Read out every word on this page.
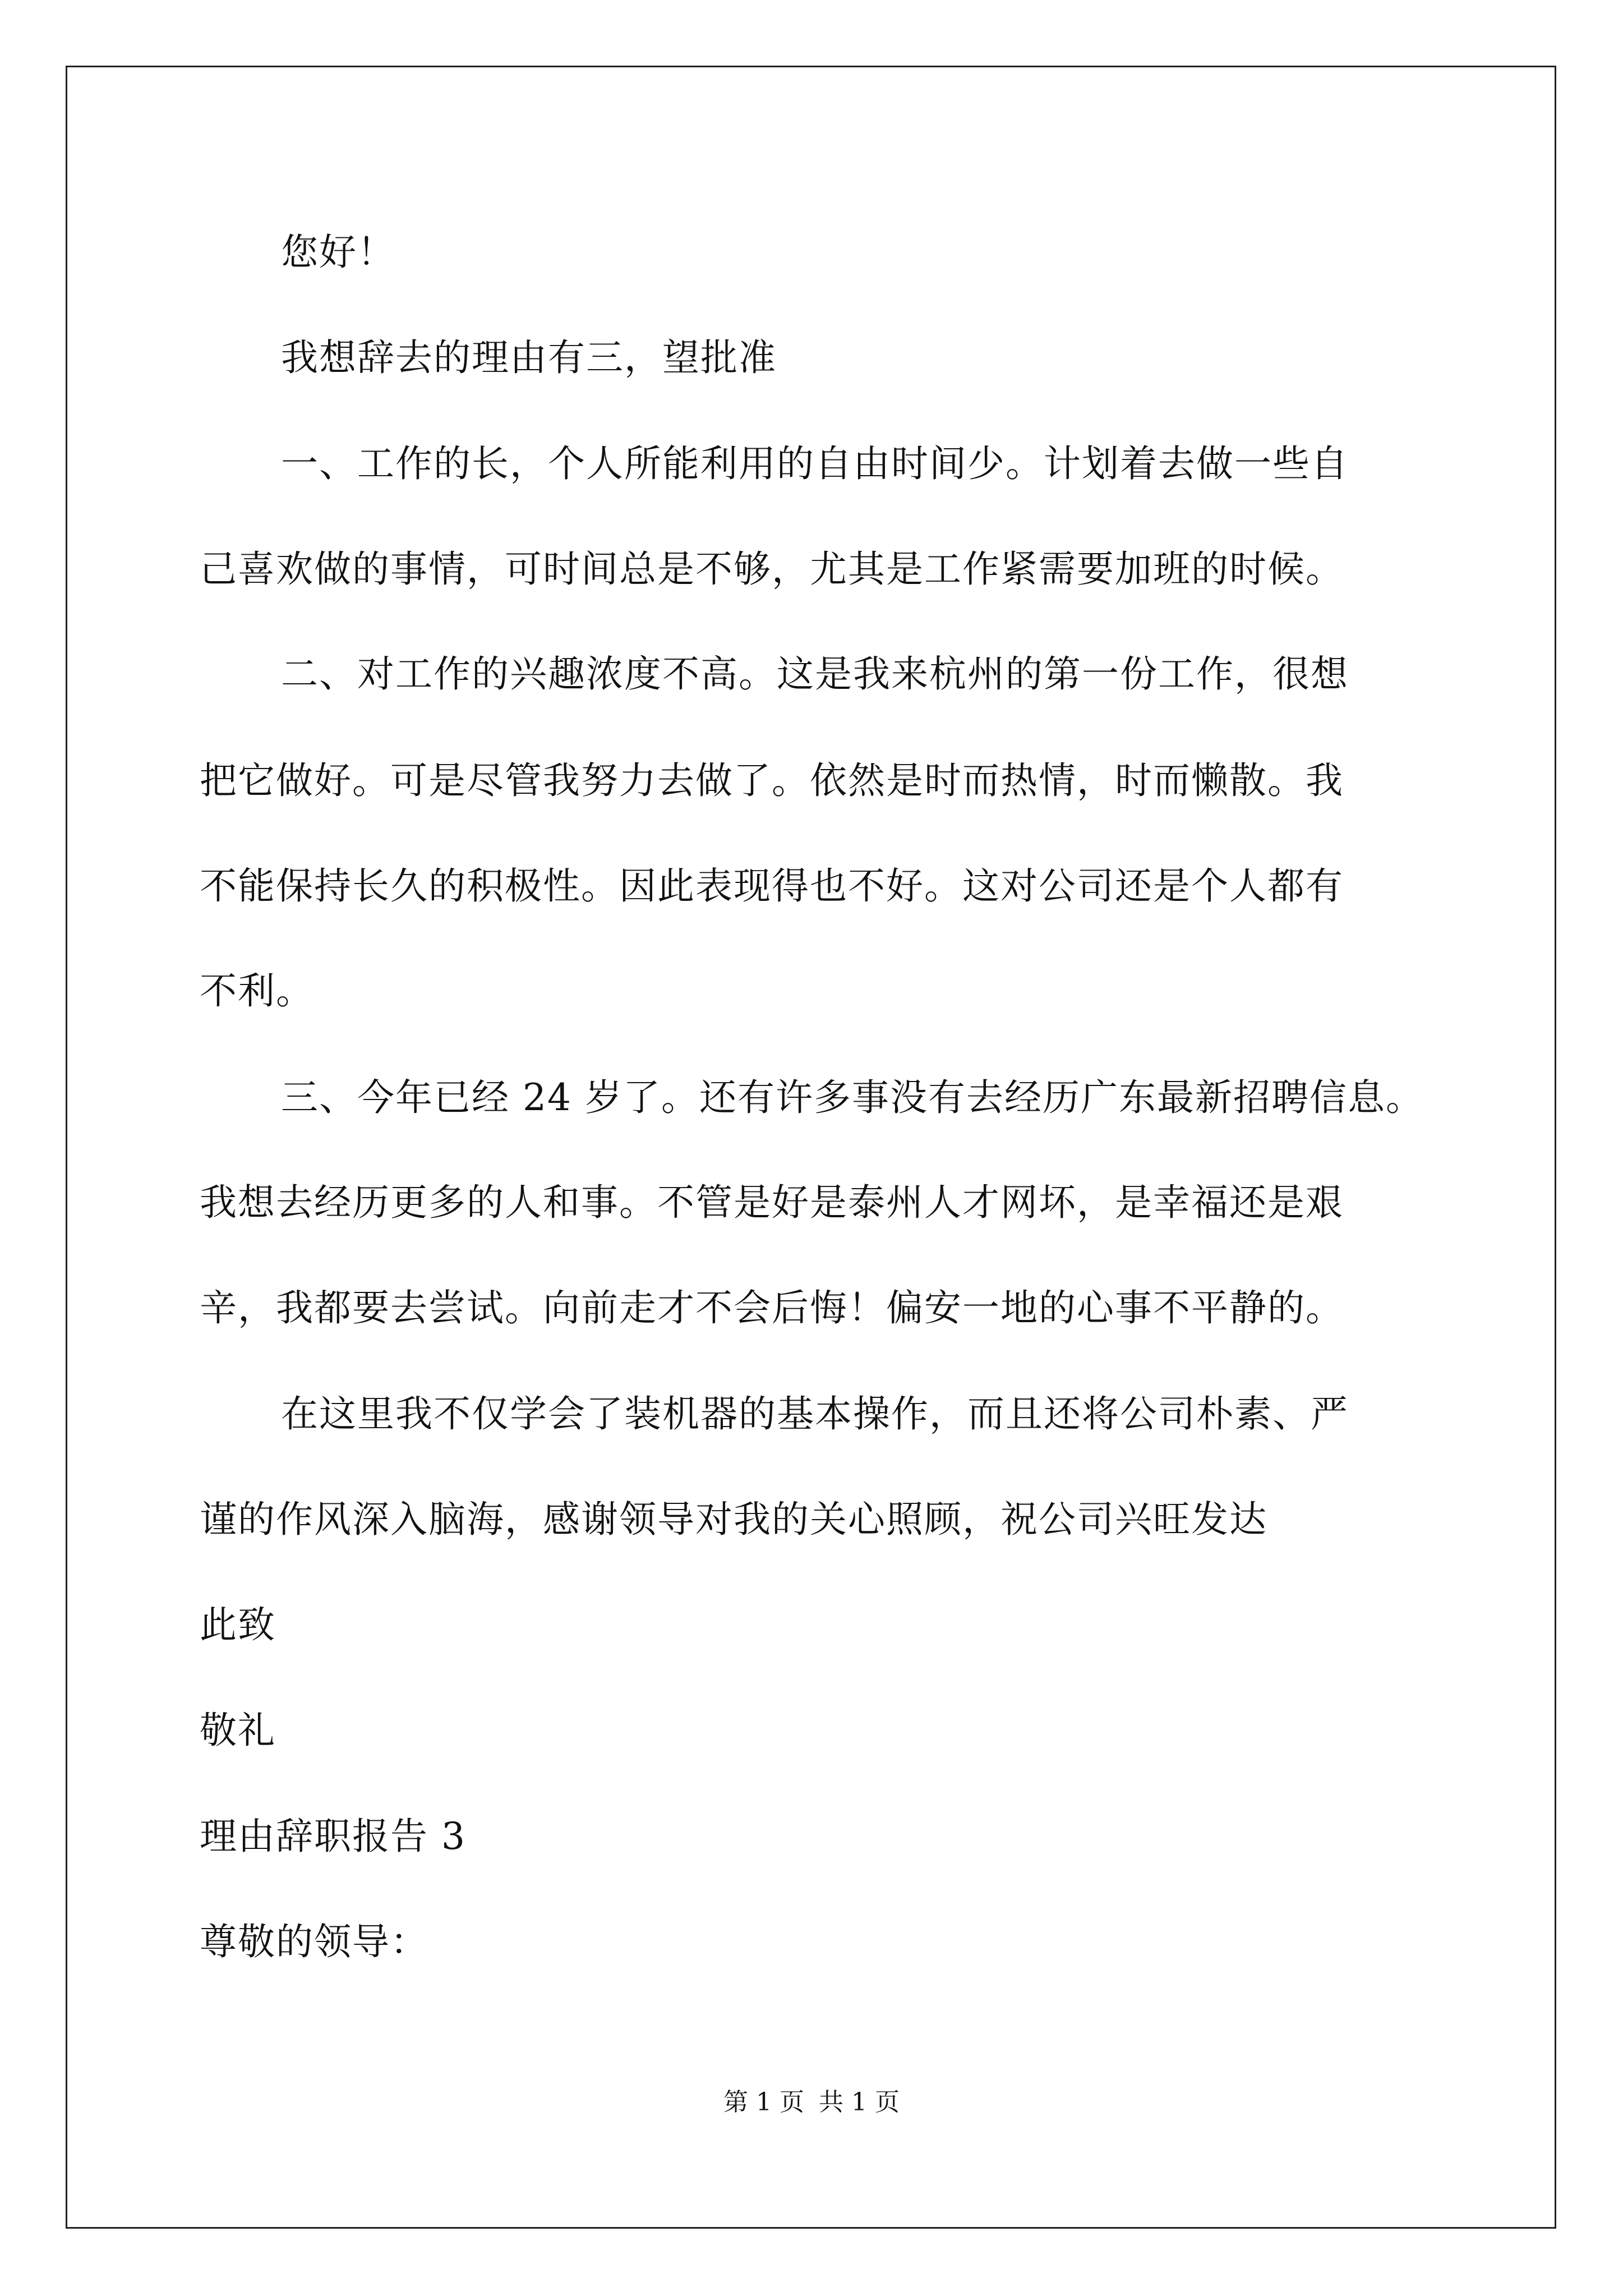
您好！
我想辞去的理由有三，望批准
一、工作的长，个人所能利用的自由时间少。计划着去做一些自
己喜欢做的事情，可时间总是不够，尤其是工作紧需要加班的时候。
二、对工作的兴趣浓度不高。这是我来杭州的第一份工作，很想
把它做好。可是尽管我努力去做了。依然是时而热情，时而懒散。我
不能保持长久的积极性。因此表现得也不好。这对公司还是个人都有
不利。
三、今年已经 24 岁了。还有许多事没有去经历广东最新招聘信息。
我想去经历更多的人和事。不管是好是泰州人才网坏，是幸福还是艰
辛，我都要去尝试。向前走才不会后悔！偏安一地的心事不平静的。
在这里我不仅学会了装机器的基本操作，而且还将公司朴素、严
谨的作风深入脑海，感谢领导对我的关心照顾，祝公司兴旺发达
此致
敬礼
理由辞职报告 3
尊敬的领导：
第 1 页 共 1 页
